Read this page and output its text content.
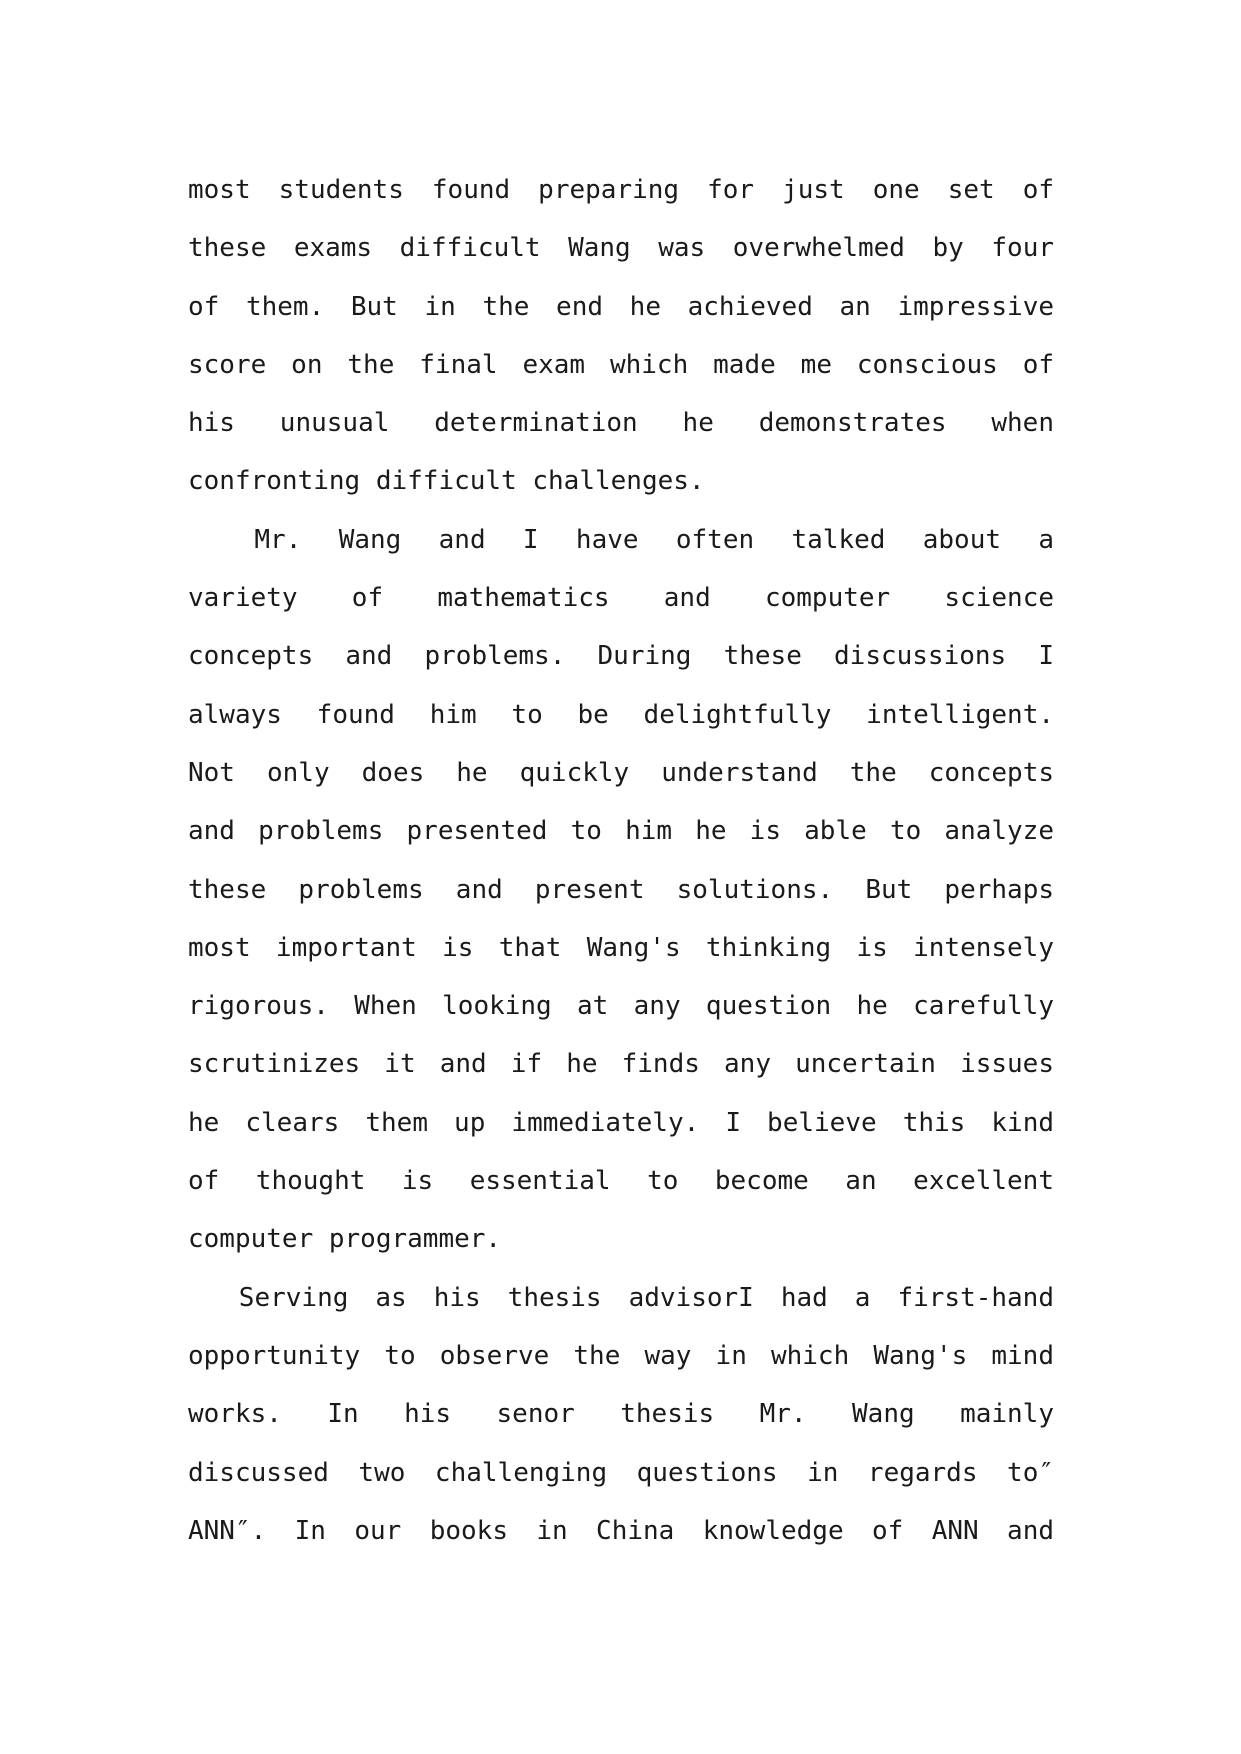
most students found preparing for just one set of
these exams difficult Wang was overwhelmed by four
of them. But in the end he achieved an impressive
score on the final exam which made me conscious of
his unusual determination he demonstrates when
confronting difficult challenges.
Mr. Wang and I have often talked about a
variety of mathematics and computer science
concepts and problems. During these discussions I
always found him to be delightfully intelligent.
Not only does he quickly understand the concepts
and problems presented to him he is able to analyze
these problems and present solutions. But perhaps
most important is that Wang's thinking is intensely
rigorous. When looking at any question he carefully
scrutinizes it and if he finds any uncertain issues
he clears them up immediately. I believe this kind
of thought is essential to become an excellent
computer programmer.
Serving as his thesis advisorI had a first-hand
opportunity to observe the way in which Wang's mind
works. In his senor thesis Mr. Wang mainly
discussed two challenging questions in regards to″
ANN″. In our books in China knowledge of ANN and
